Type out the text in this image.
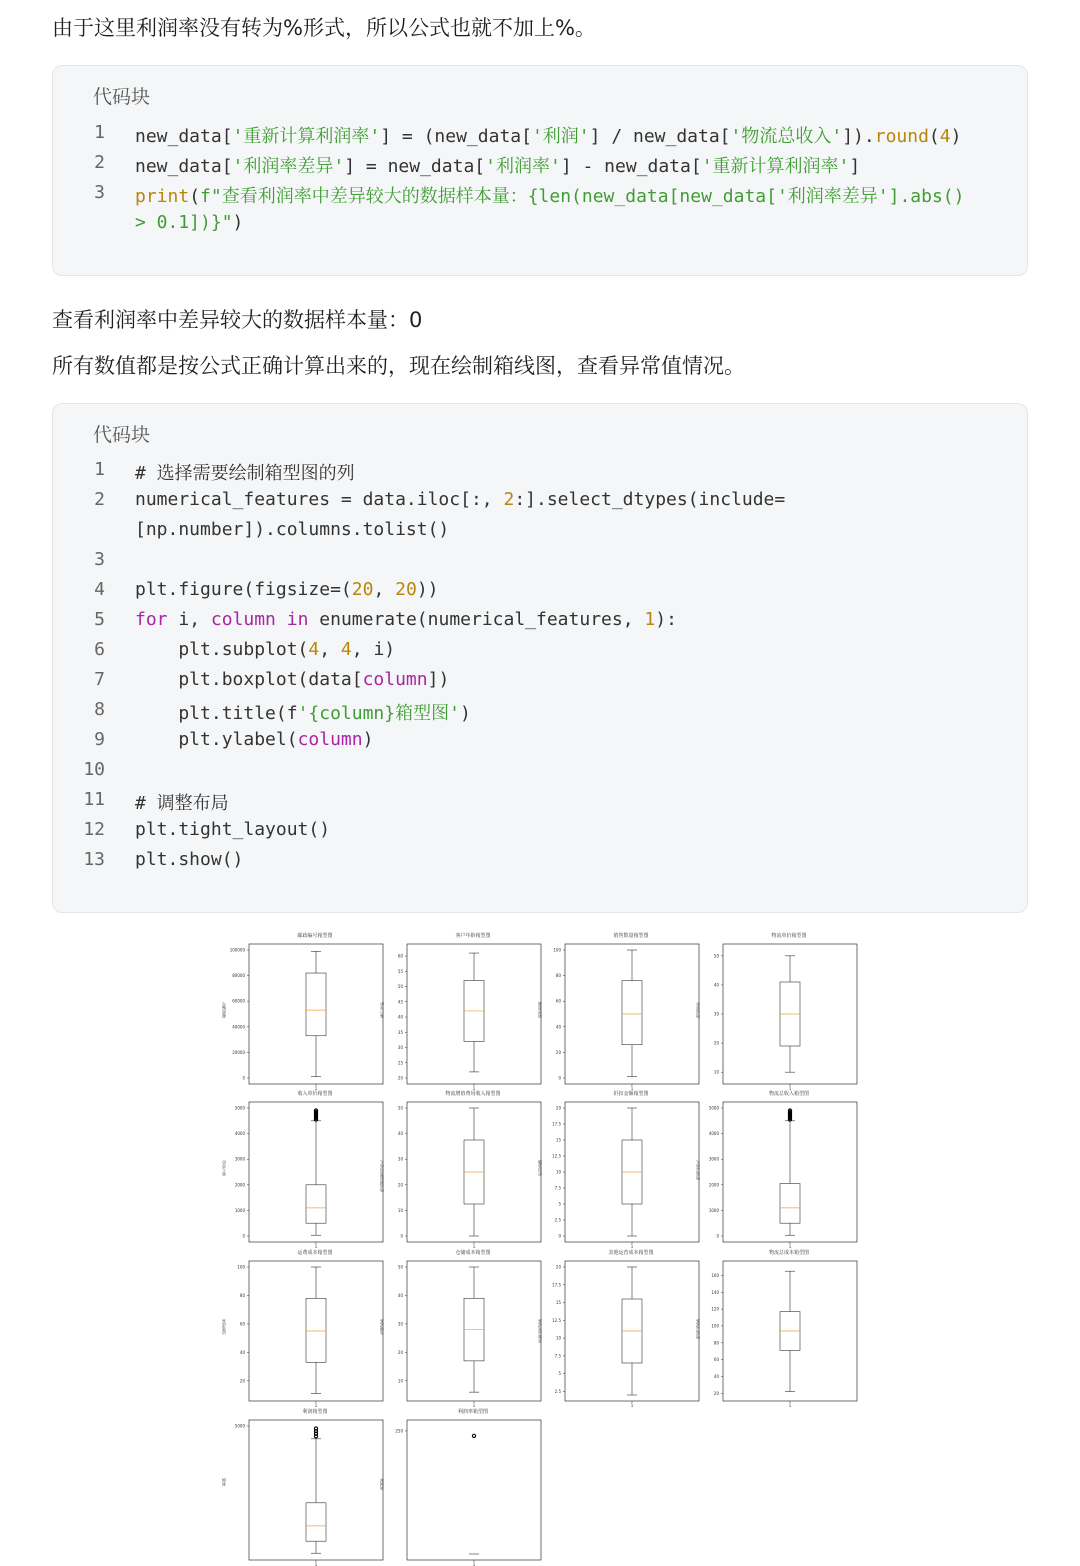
由于这里利润率没有转为%形式，所以公式也就不加上%。
代码块
1 new_data['重新计算利润率'] = (new_data['利润'] / new_data['物流总收入']).round(4)
2 new_data['利润率差异'] = new_data['利润率'] - new_data['重新计算利润率']
3 print(f"查看利润率中差异较大的数据样本量：{len(new_data[new_data['利润率差异'].abs()
> 0.1])}")
查看利润率中差异较大的数据样本量：0
所有数值都是按公式正确计算出来的，现在绘制箱线图，查看异常值情况。
代码块
1 # 选择需要绘制箱型图的列
2 numerical_features = data.iloc[:, 2:].select_dtypes(include=
[np.number]).columns.tolist()
3
4 plt.figure(figsize=(20, 20))
5 for i, column in enumerate(numerical_features, 1):
6 plt.subplot(4, 4, i)
7 plt.boxplot(data[column])
8 plt.title(f'{column}箱型图')
9 plt.ylabel(column)
10
11 # 调整布局
12 plt.tight_layout()
13 plt.show()
邮政编号箱型图
邮政编号
0
20000
40000
60000
80000
100000
1
客户年龄箱型图
客户年龄
20
25
30
35
40
45
50
55
60
1
销售数量箱型图
销售数量
0
20
40
60
80
100
1
物流单价箱型图
物流单价
10
20
30
40
50
1
收入单价箱型图
收入单价
0
1000
2000
3000
4000
5000
1
物流增值费用收入箱型图
物流增值费用收入
0
10
20
30
40
50
1
折扣金额箱型图
折扣金额
0
2.5
5
7.5
10
12.5
15
17.5
20
1
物流总收入箱型图
物流总收入
0
1000
2000
3000
4000
5000
1
运费成本箱型图
运费成本
20
40
60
80
100
1
仓储成本箱型图
仓储成本
10
20
30
40
50
1
其他运营成本箱型图
其他运营成本
2.5
5
7.5
10
12.5
15
17.5
20
1
物流总成本箱型图
物流总成本
20
40
60
80
100
120
140
160
1
利润箱型图
利润
5000
1
利润率箱型图
利润率
250
1
